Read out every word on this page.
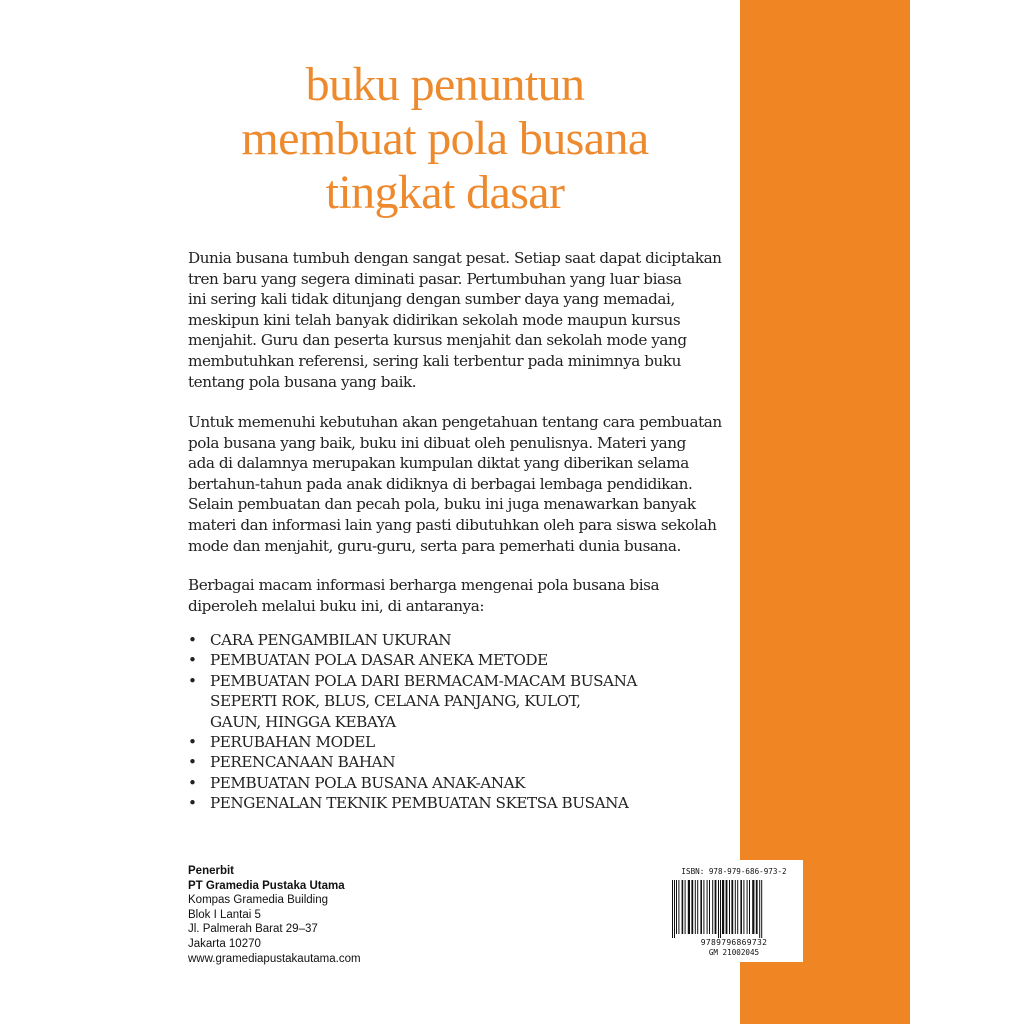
buku penuntun
membuat pola busana
tingkat dasar
Dunia busana tumbuh dengan sangat pesat. Setiap saat dapat diciptakan
tren baru yang segera diminati pasar. Pertumbuhan yang luar biasa
ini sering kali tidak ditunjang dengan sumber daya yang memadai,
meskipun kini telah banyak didirikan sekolah mode maupun kursus
menjahit. Guru dan peserta kursus menjahit dan sekolah mode yang
membutuhkan referensi, sering kali terbentur pada minimnya buku
tentang pola busana yang baik.
Untuk memenuhi kebutuhan akan pengetahuan tentang cara pembuatan
pola busana yang baik, buku ini dibuat oleh penulisnya. Materi yang
ada di dalamnya merupakan kumpulan diktat yang diberikan selama
bertahun-tahun pada anak didiknya di berbagai lembaga pendidikan.
Selain pembuatan dan pecah pola, buku ini juga menawarkan banyak
materi dan informasi lain yang pasti dibutuhkan oleh para siswa sekolah
mode dan menjahit, guru-guru, serta para pemerhati dunia busana.
Berbagai macam informasi berharga mengenai pola busana bisa
diperoleh melalui buku ini, di antaranya:
• CARA PENGAMBILAN UKURAN
• PEMBUATAN POLA DASAR ANEKA METODE
• PEMBUATAN POLA DARI BERMACAM-MACAM BUSANA
SEPERTI ROK, BLUS, CELANA PANJANG, KULOT,
GAUN, HINGGA KEBAYA
• PERUBAHAN MODEL
• PERENCANAAN BAHAN
• PEMBUATAN POLA BUSANA ANAK-ANAK
• PENGENALAN TEKNIK PEMBUATAN SKETSA BUSANA
Penerbit
PT Gramedia Pustaka Utama
Kompas Gramedia Building
Blok I Lantai 5
Jl. Palmerah Barat 29–37
Jakarta 10270
www.gramediapustakautama.com
ISBN: 978-979-686-973-2
9789796869732
GM 21002045
